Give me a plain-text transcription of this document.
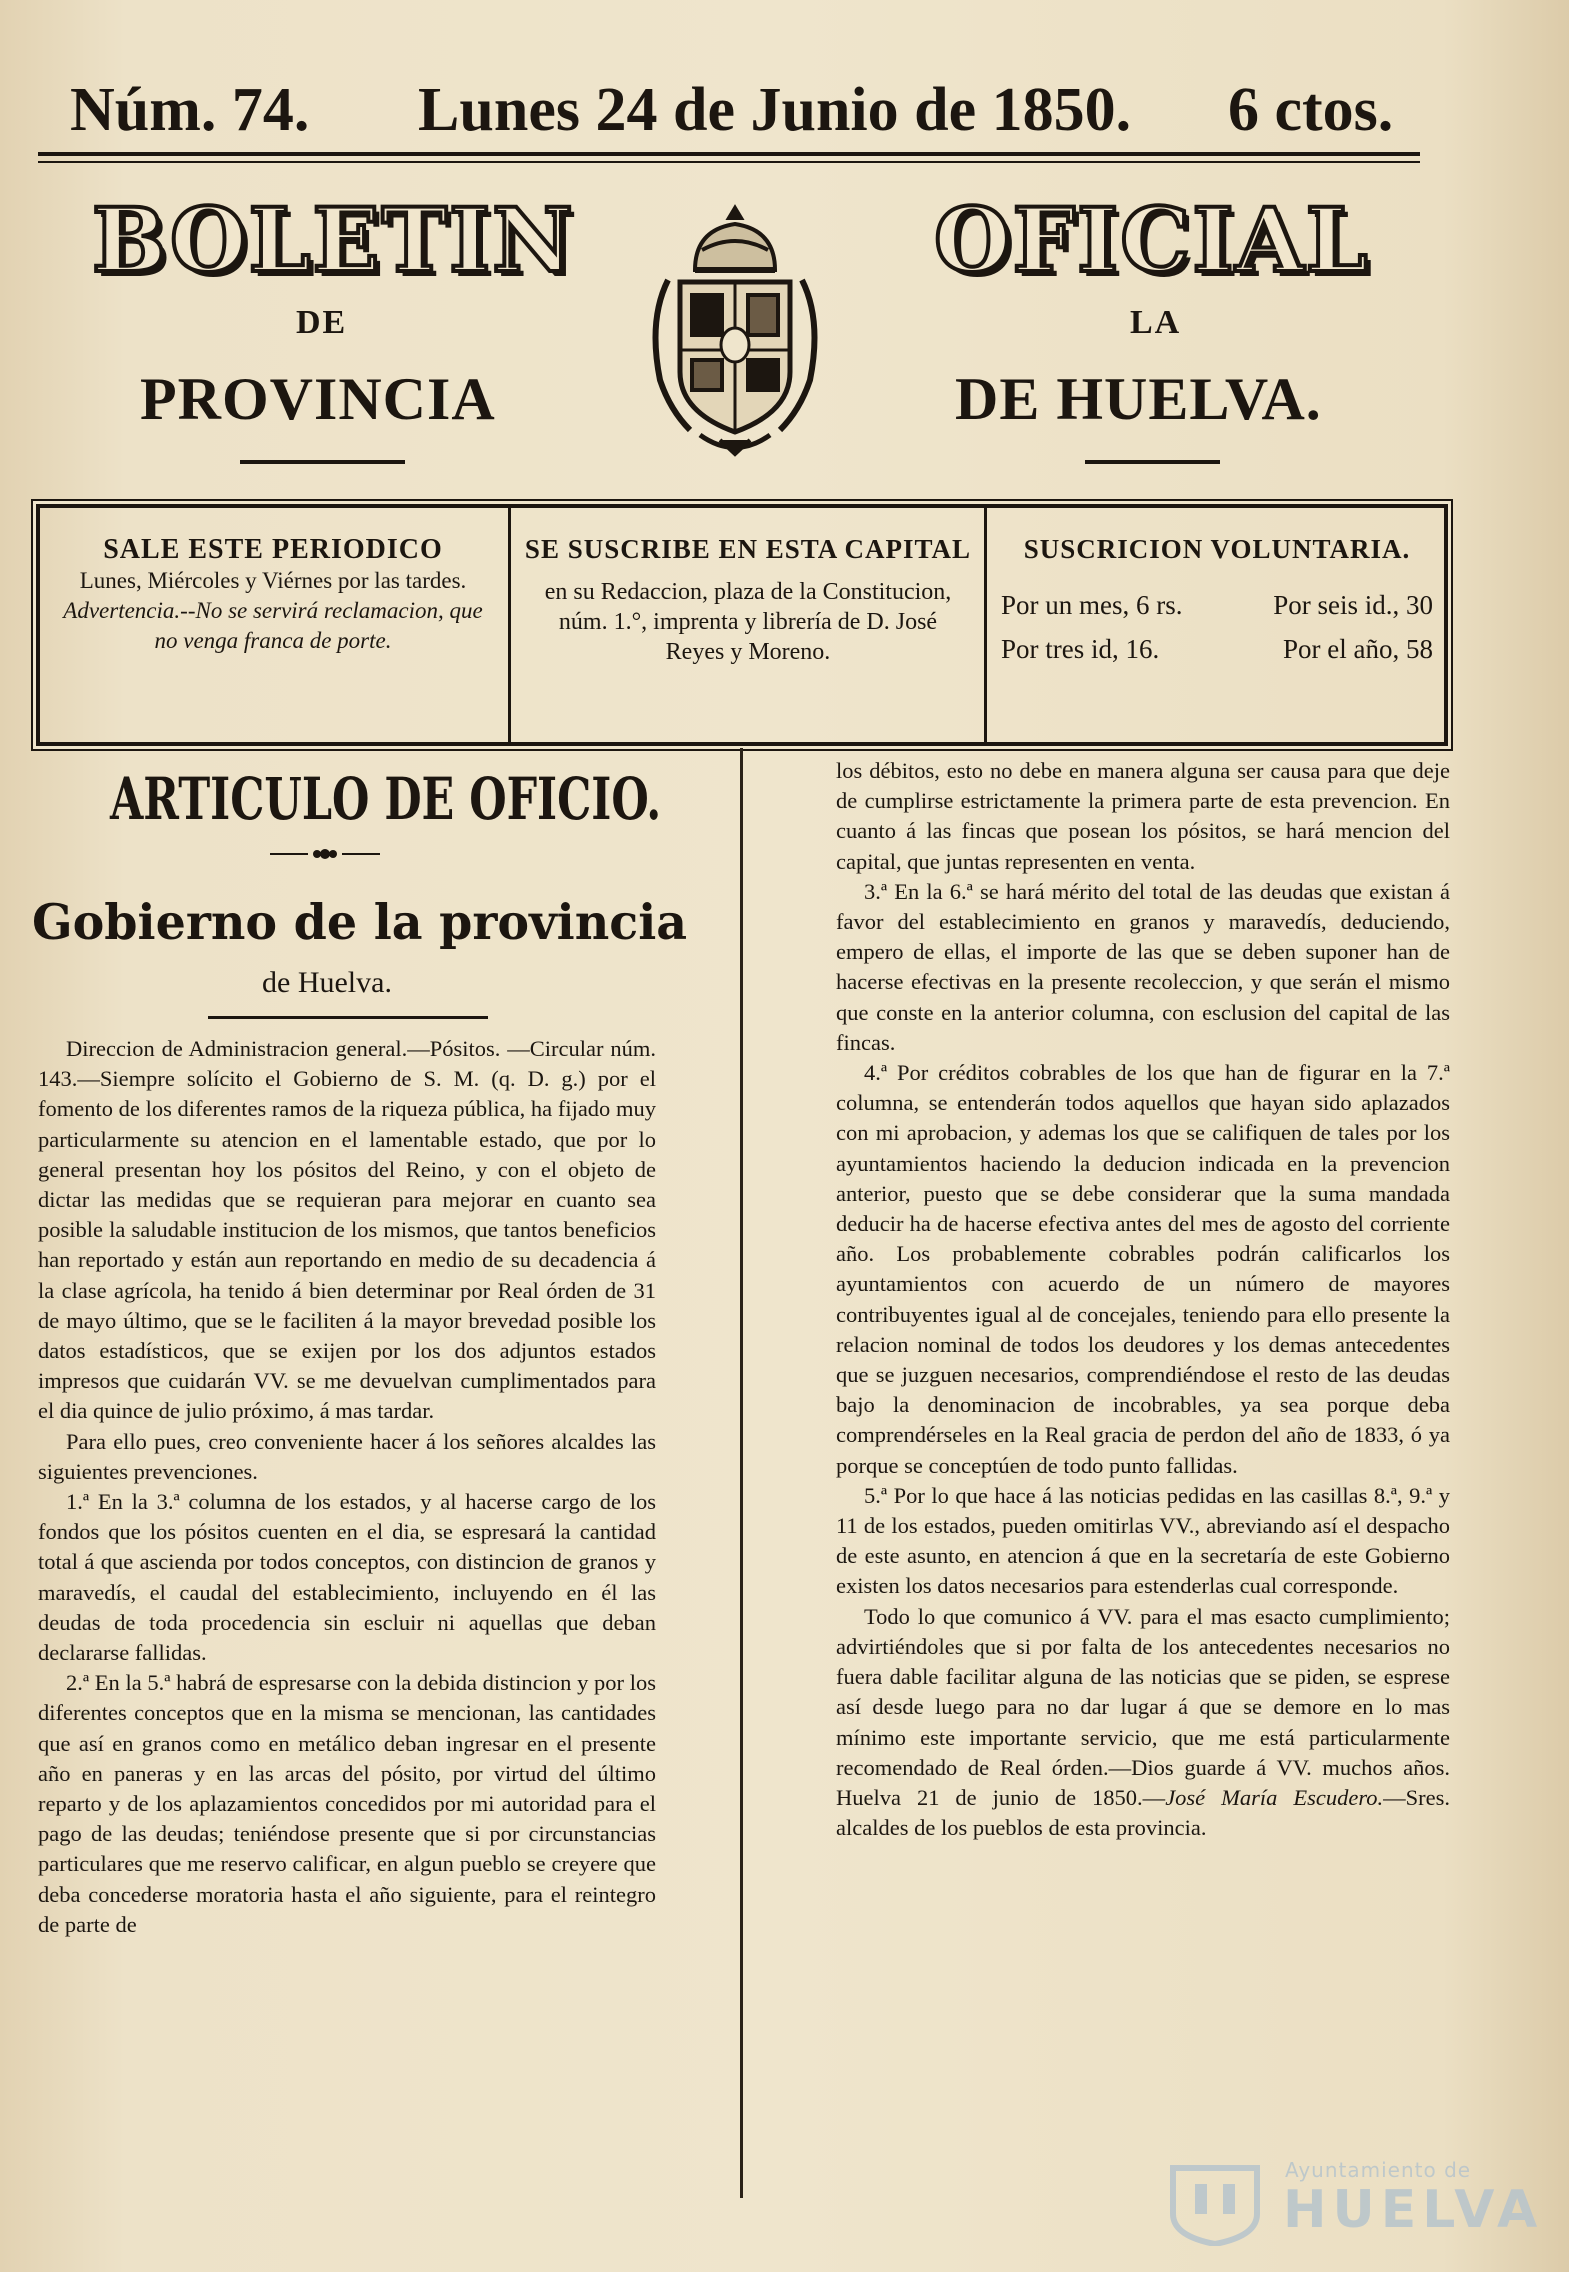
Núm. 74. Lunes 24 de Junio de 1850. 6 ctos.
BOLETIN	OFICIAL
DE	LA
PROVINCIA	DE HUELVA.
SALE ESTE PERIODICO
Lunes, Miércoles y Viérnes por las tardes.
Advertencia.--No se servirá reclamacion, que no venga franca de porte.
SE SUSCRIBE EN ESTA CAPITAL
en su Redaccion, plaza de la Constitucion, núm. 1.°, imprenta y librería de D. José Reyes y Moreno.
SUSCRICION VOLUNTARIA.
Por un mes, 6 rs.	Por seis id., 30
Por tres id, 16.	Por el año, 58
ARTICULO DE OFICIO.
Gobierno de la provincia
de Huelva.

Direccion de Administracion general.—Pósitos. —Circular núm. 143.—Siempre solícito el Gobierno de S. M. (q. D. g.) por el fomento de los diferentes ramos de la riqueza pública, ha fijado muy particularmente su atencion en el lamentable estado, que por lo general presentan hoy los pósitos del Reino, y con el objeto de dictar las medidas que se requieran para mejorar en cuanto sea posible la saludable institucion de los mismos, que tantos beneficios han reportado y están aun reportando en medio de su decadencia á la clase agrícola, ha tenido á bien determinar por Real órden de 31 de mayo último, que se le faciliten á la mayor brevedad posible los datos estadísticos, que se exijen por los dos adjuntos estados impresos que cuidarán VV. se me devuelvan cumplimentados para el dia quince de julio próximo, á mas tardar.

Para ello pues, creo conveniente hacer á los señores alcaldes las siguientes prevenciones.

1.ª En la 3.ª columna de los estados, y al hacerse cargo de los fondos que los pósitos cuenten en el dia, se espresará la cantidad total á que ascienda por todos conceptos, con distincion de granos y maravedís, el caudal del establecimiento, incluyendo en él las deudas de toda procedencia sin escluir ni aquellas que deban declararse fallidas.

2.ª En la 5.ª habrá de espresarse con la debida distincion y por los diferentes conceptos que en la misma se mencionan, las cantidades que así en granos como en metálico deban ingresar en el presente año en paneras y en las arcas del pósito, por virtud del último reparto y de los aplazamientos concedidos por mi autoridad para el pago de las deudas; teniéndose presente que si por circunstancias particulares que me reservo calificar, en algun pueblo se creyere que deba concederse moratoria hasta el año siguiente, para el reintegro de parte de

los débitos, esto no debe en manera alguna ser causa para que deje de cumplirse estrictamente la primera parte de esta prevencion. En cuanto á las fincas que posean los pósitos, se hará mencion del capital, que juntas representen en venta.

3.ª En la 6.ª se hará mérito del total de las deudas que existan á favor del establecimiento en granos y maravedís, deduciendo, empero de ellas, el importe de las que se deben suponer han de hacerse efectivas en la presente recoleccion, y que serán el mismo que conste en la anterior columna, con esclusion del capital de las fincas.

4.ª Por créditos cobrables de los que han de figurar en la 7.ª columna, se entenderán todos aquellos que hayan sido aplazados con mi aprobacion, y ademas los que se califiquen de tales por los ayuntamientos haciendo la deducion indicada en la prevencion anterior, puesto que se debe considerar que la suma mandada deducir ha de hacerse efectiva antes del mes de agosto del corriente año. Los probablemente cobrables podrán calificarlos los ayuntamientos con acuerdo de un número de mayores contribuyentes igual al de concejales, teniendo para ello presente la relacion nominal de todos los deudores y los demas antecedentes que se juzguen necesarios, comprendiéndose el resto de las deudas bajo la denominacion de incobrables, ya sea porque deba comprendérseles en la Real gracia de perdon del año de 1833, ó ya porque se conceptúen de todo punto fallidas.

5.ª Por lo que hace á las noticias pedidas en las casillas 8.ª, 9.ª y 11 de los estados, pueden omitirlas VV., abreviando así el despacho de este asunto, en atencion á que en la secretaría de este Gobierno existen los datos necesarios para estenderlas cual corresponde.

Todo lo que comunico á VV. para el mas esacto cumplimiento; advirtiéndoles que si por falta de los antecedentes necesarios no fuera dable facilitar alguna de las noticias que se piden, se esprese así desde luego para no dar lugar á que se demore en lo mas mínimo este importante servicio, que me está particularmente recomendado de Real órden.—Dios guarde á VV. muchos años. Huelva 21 de junio de 1850.—José María Escudero.—Sres. alcaldes de los pueblos de esta provincia.

Ayuntamiento de
HUELVA
